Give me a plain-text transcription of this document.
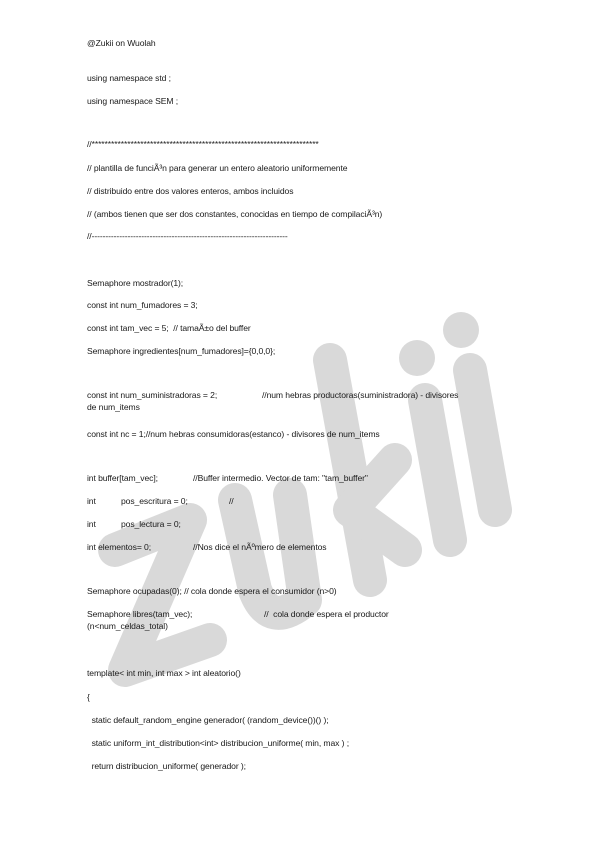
@Zukii on Wuolah
using namespace std ;
using namespace SEM ;
//**********************************************************************
// plantilla de funciÃ³n para generar un entero aleatorio uniformemente
// distribuido entre dos valores enteros, ambos incluidos
// (ambos tienen que ser dos constantes, conocidas en tiempo de compilaciÃ³n)
//-----------------------------------------------------------------------
Semaphore mostrador(1);
const int num_fumadores = 3;
const int tam_vec = 5;  // tamaÃ±o del buffer
Semaphore ingredientes[num_fumadores]={0,0,0};
const int num_suministradoras = 2;	//num hebras productoras(suministradora) - divisores
de num_items
const int nc = 1;//num hebras consumidoras(estanco) - divisores de num_items
int buffer[tam_vec];	//Buffer intermedio. Vector de tam: "tam_buffer"
int	pos_escritura = 0;	//
int	pos_lectura = 0;
int elementos= 0;	//Nos dice el nÃºmero de elementos
Semaphore ocupadas(0); // cola donde espera el consumidor (n>0)
Semaphore libres(tam_vec);	//  cola donde espera el productor
(n<num_celdas_total)
template< int min, int max > int aleatorio()
{
static default_random_engine generador( (random_device())() );
static uniform_int_distribution<int> distribucion_uniforme( min, max ) ;
return distribucion_uniforme( generador );
